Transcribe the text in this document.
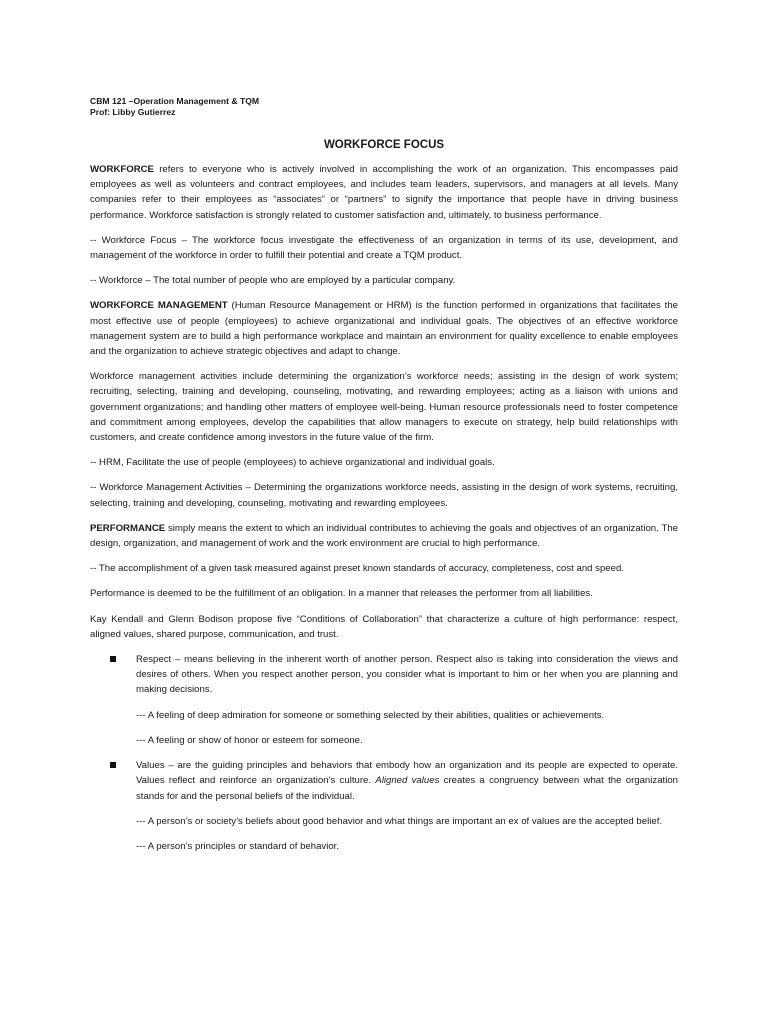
CBM 121 –Operation Management & TQM

Prof: Libby Gutierrez

WORKFORCE FOCUS

WORKFORCE refers to everyone who is actively involved in accomplishing the work of an organization. This encompasses paid employees as well as volunteers and contract employees, and includes team leaders, supervisors, and managers at all levels. Many companies refer to their employees as “associates” or “partners” to signify the importance that people have in driving business performance. Workforce satisfaction is strongly related to customer satisfaction and, ultimately, to business performance.

-- Workforce Focus – The workforce focus investigate the effectiveness of an organization in terms of its use, development, and management of the workforce in order to fulfill their potential and create a TQM product.

-- Workforce – The total number of people who are employed by a particular company.

WORKFORCE MANAGEMENT (Human Resource Management or HRM) is the function performed in organizations that facilitates the most effective use of people (employees) to achieve organizational and individual goals. The objectives of an effective workforce management system are to build a high performance workplace and maintain an environment for quality excellence to enable employees and the organization to achieve strategic objectives and adapt to change.

Workforce management activities include determining the organization’s workforce needs; assisting in the design of work system; recruiting, selecting, training and developing, counseling, motivating, and rewarding employees; acting as a liaison with unions and government organizations; and handling other matters of employee well-being. Human resource professionals need to foster competence and commitment among employees, develop the capabilities that allow managers to execute on strategy, help build relationships with customers, and create confidence among investors in the future value of the firm.

-- HRM, Facilitate the use of people (employees) to achieve organizational and individual goals.

-- Workforce Management Activities – Determining the organizations workforce needs, assisting in the design of work systems, recruiting, selecting, training and developing, counseling, motivating and rewarding employees.

PERFORMANCE simply means the extent to which an individual contributes to achieving the goals and objectives of an organization. The design, organization, and management of work and the work environment are crucial to high performance.

-- The accomplishment of a given task measured against preset known standards of accuracy, completeness, cost and speed.

Performance is deemed to be the fulfillment of an obligation. In a manner that releases the performer from all liabilities.

Kay Kendall and Glenn Bodison propose five “Conditions of Collaboration” that characterize a culture of high performance: respect, aligned values, shared purpose, communication, and trust.

Respect – means believing in the inherent worth of another person. Respect also is taking into consideration the views and desires of others. When you respect another person, you consider what is important to him or her when you are planning and making decisions.

--- A feeling of deep admiration for someone or something selected by their abilities, qualities or achievements.

--- A feeling or show of honor or esteem for someone.

Values – are the guiding principles and behaviors that embody how an organization and its people are expected to operate. Values reflect and reinforce an organization’s culture. Aligned values creates a congruency between what the organization stands for and the personal beliefs of the individual.

--- A person’s or society’s beliefs about good behavior and what things are important an ex of values are the accepted belief.

--- A person’s principles or standard of behavior.
